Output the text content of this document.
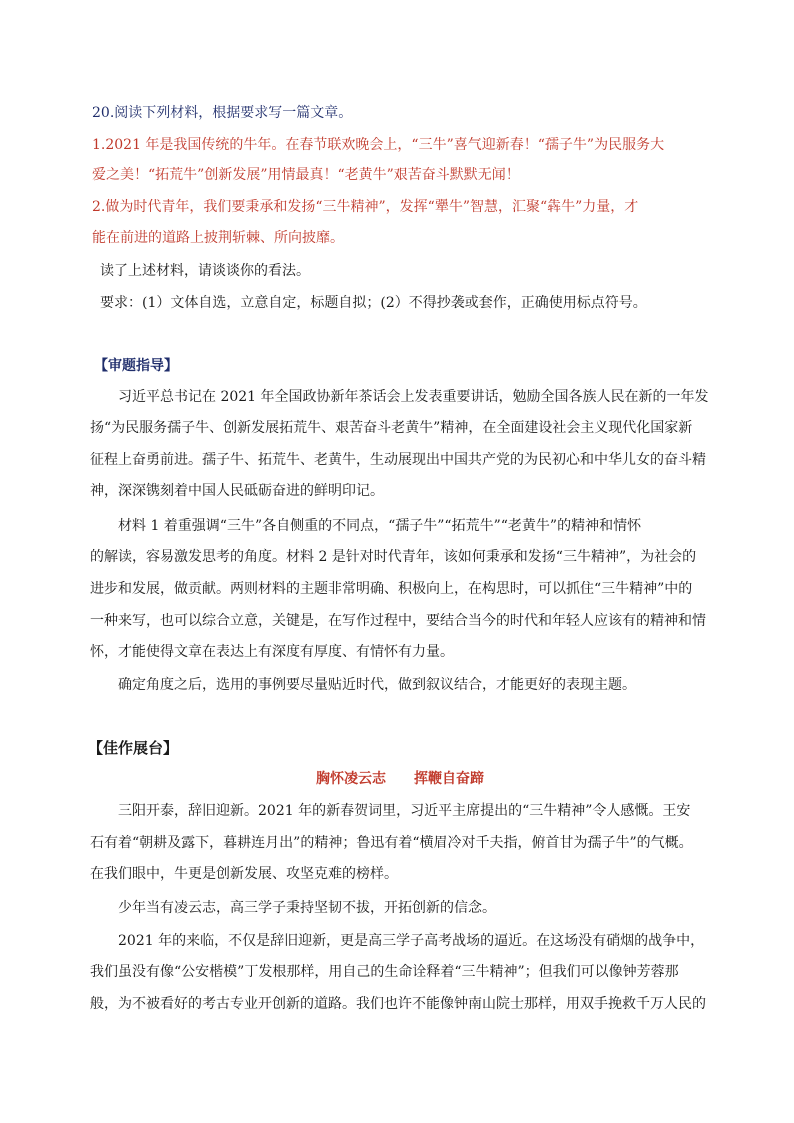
20.阅读下列材料，根据要求写一篇文章。
1.2021 年是我国传统的牛年。在春节联欢晚会上，“三牛”喜气迎新春！“孺子牛”为民服务大
爱之美！“拓荒牛”创新发展”用情最真！“老黄牛”艰苦奋斗默默无闻！
2.做为时代青年，我们要秉承和发扬“三牛精神”，发挥“犟牛”智慧，汇聚“犇牛”力量，才
能在前进的道路上披荆斩棘、所向披靡。
读了上述材料，请谈谈你的看法。
要求：(1）文体自选，立意自定，标题自拟；(2）不得抄袭或套作，正确使用标点符号。
【审题指导】
习近平总书记在 2021 年全国政协新年茶话会上发表重要讲话，勉励全国各族人民在新的一年发
扬“为民服务孺子牛、创新发展拓荒牛、艰苦奋斗老黄牛”精神，在全面建设社会主义现代化国家新
征程上奋勇前进。孺子牛、拓荒牛、老黄牛，生动展现出中国共产党的为民初心和中华儿女的奋斗精
神，深深镌刻着中国人民砥砺奋进的鲜明印记。
材料 1 着重强调“三牛”各自侧重的不同点，“孺子牛”“拓荒牛”“老黄牛”的精神和情怀
的解读，容易激发思考的角度。材料 2 是针对时代青年，该如何秉承和发扬“三牛精神”，为社会的
进步和发展，做贡献。两则材料的主题非常明确、积极向上，在构思时，可以抓住“三牛精神”中的
一种来写，也可以综合立意，关键是，在写作过程中，要结合当今的时代和年轻人应该有的精神和情
怀，才能使得文章在表达上有深度有厚度、有情怀有力量。
确定角度之后，选用的事例要尽量贴近时代，做到叙议结合，才能更好的表现主题。
【佳作展台】
胸怀凌云志　　挥鞭自奋蹄
三阳开泰，辞旧迎新。2021 年的新春贺词里，习近平主席提出的“三牛精神”令人感慨。王安
石有着“朝耕及露下，暮耕连月出”的精神；鲁迅有着“横眉冷对千夫指，俯首甘为孺子牛”的气概。
在我们眼中，牛更是创新发展、攻坚克难的榜样。
少年当有凌云志，高三学子秉持坚韧不拔，开拓创新的信念。
2021 年的来临，不仅是辞旧迎新，更是高三学子高考战场的逼近。在这场没有硝烟的战争中，
我们虽没有像“公安楷模”丁发根那样，用自己的生命诠释着“三牛精神”；但我们可以像钟芳蓉那
般，为不被看好的考古专业开创新的道路。我们也许不能像钟南山院士那样，用双手挽救千万人民的
